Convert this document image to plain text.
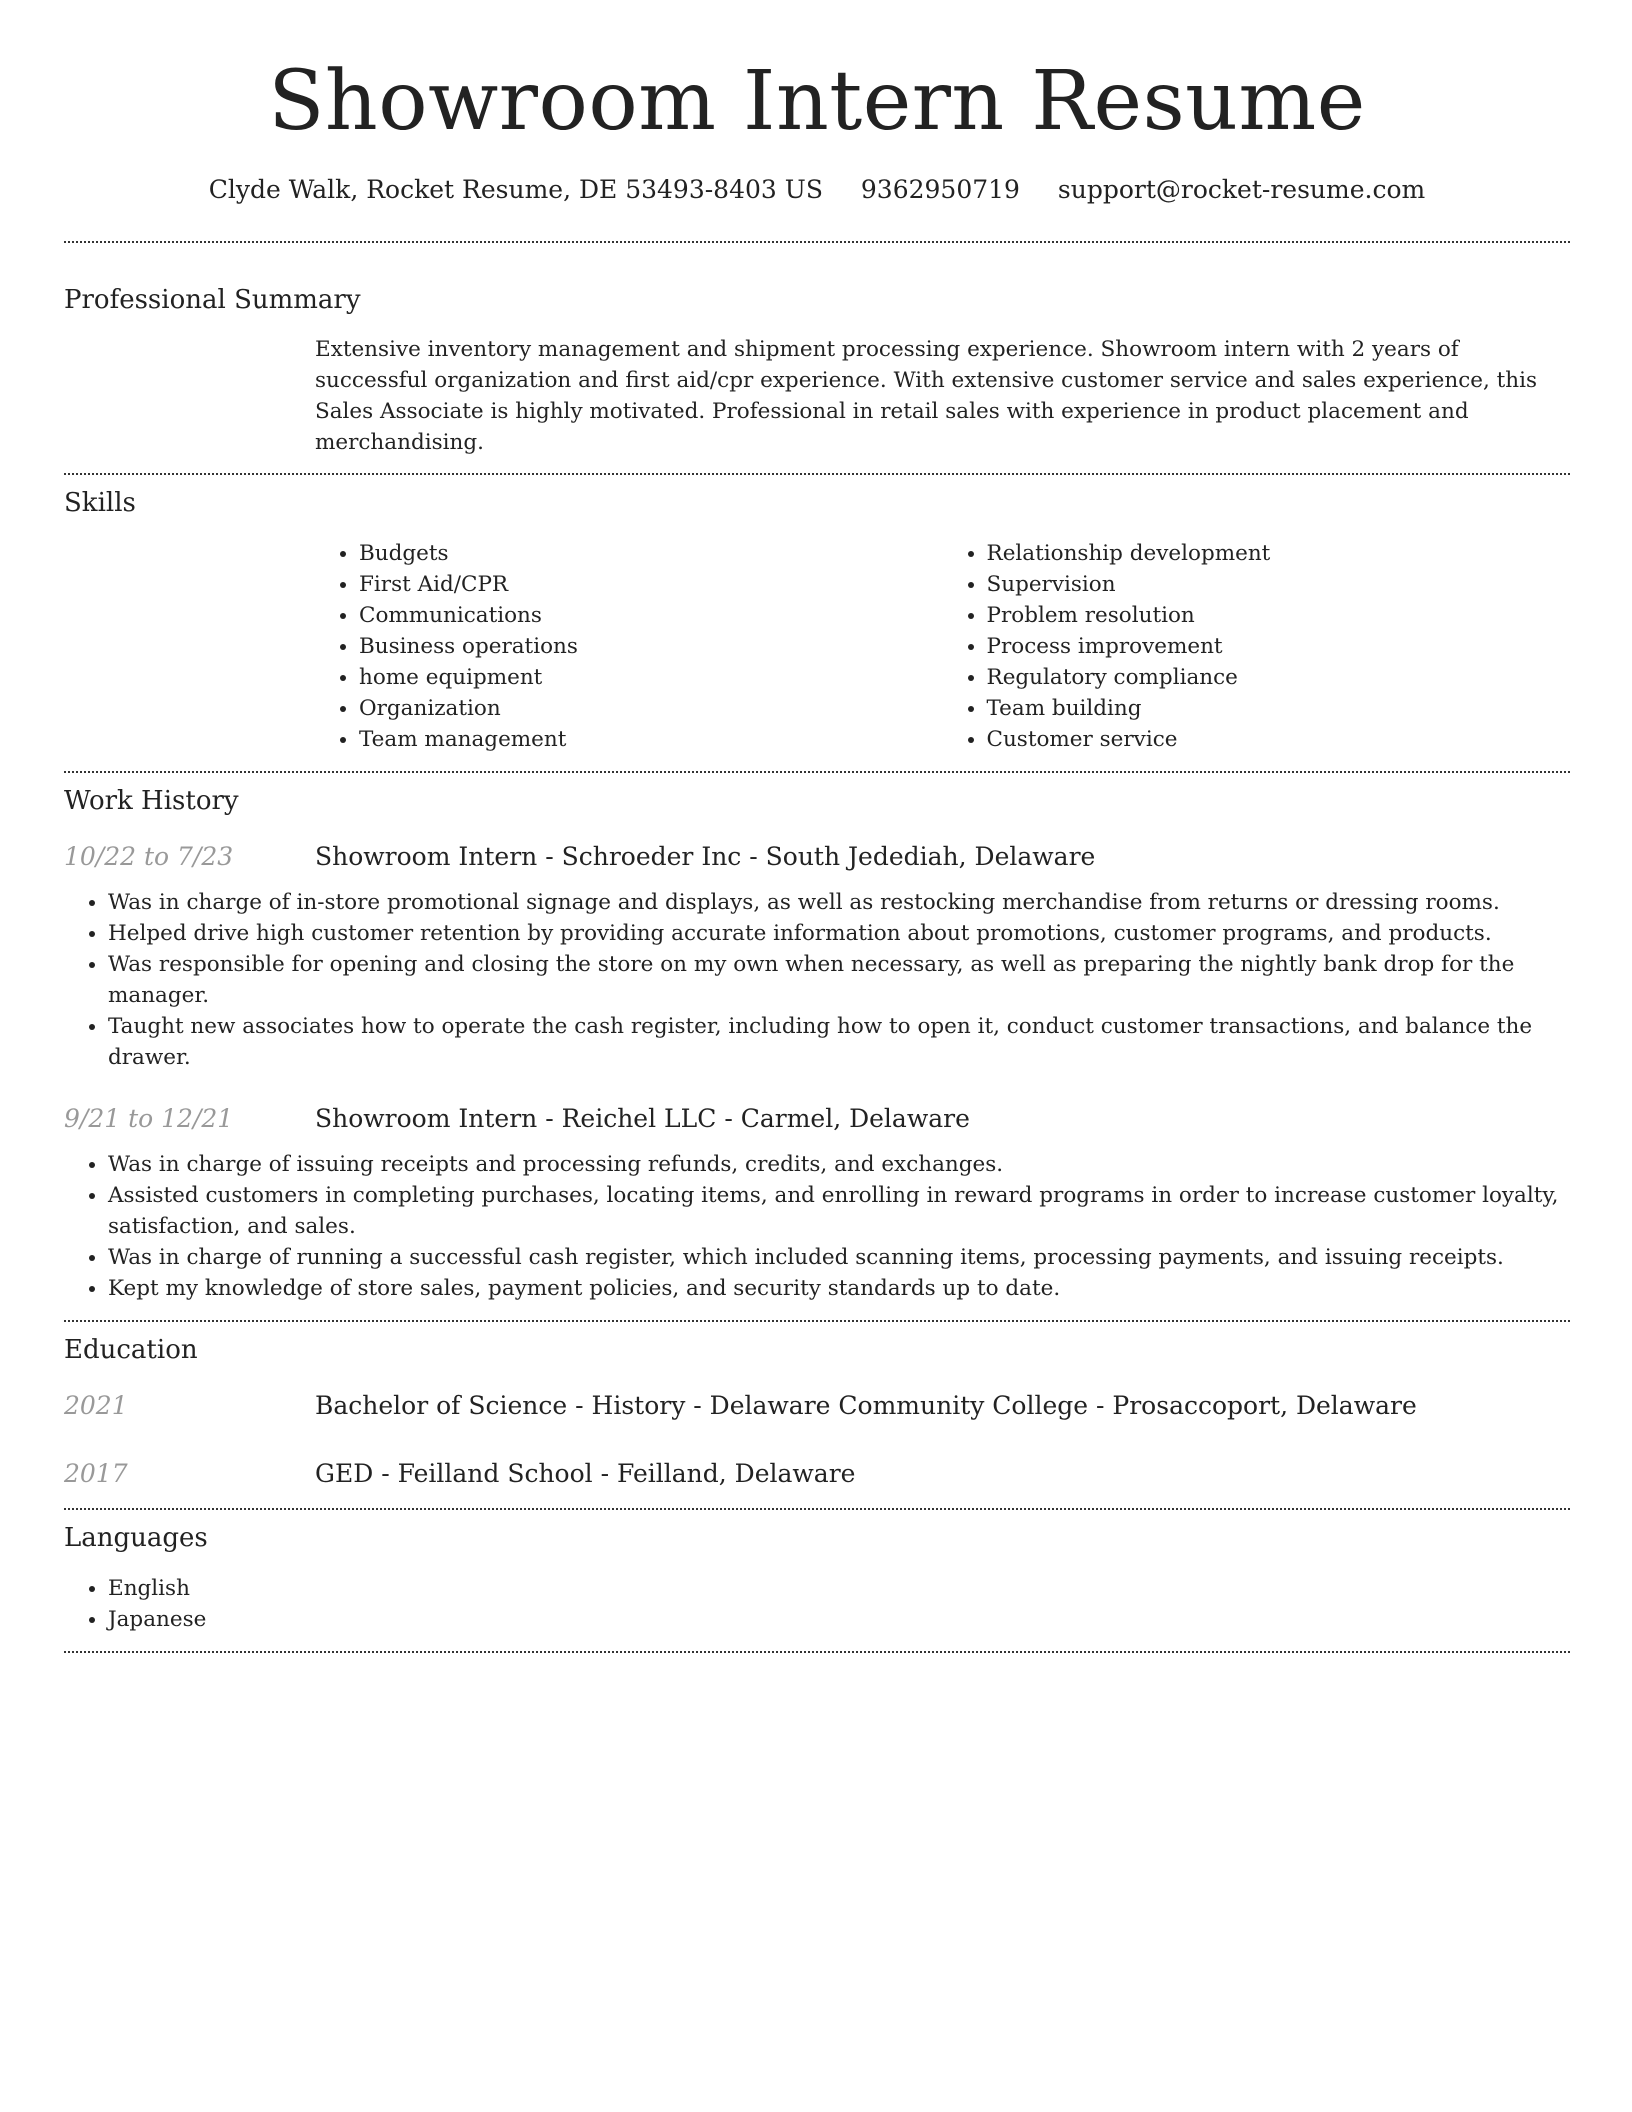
Showroom Intern Resume
Clyde Walk, Rocket Resume, DE 53493-8403 US 9362950719 support@rocket-resume.com
Professional Summary
Extensive inventory management and shipment processing experience. Showroom intern with 2 years of successful organization and first aid/cpr experience. With extensive customer service and sales experience, this Sales Associate is highly motivated. Professional in retail sales with experience in product placement and merchandising.
Skills
• Budgets
• First Aid/CPR
• Communications
• Business operations
• home equipment
• Organization
• Team management
• Relationship development
• Supervision
• Problem resolution
• Process improvement
• Regulatory compliance
• Team building
• Customer service
Work History
10/22 to 7/23	Showroom Intern - Schroeder Inc - South Jedediah, Delaware
• Was in charge of in-store promotional signage and displays, as well as restocking merchandise from returns or dressing rooms.
• Helped drive high customer retention by providing accurate information about promotions, customer programs, and products.
• Was responsible for opening and closing the store on my own when necessary, as well as preparing the nightly bank drop for the manager.
• Taught new associates how to operate the cash register, including how to open it, conduct customer transactions, and balance the drawer.
9/21 to 12/21	Showroom Intern - Reichel LLC - Carmel, Delaware
• Was in charge of issuing receipts and processing refunds, credits, and exchanges.
• Assisted customers in completing purchases, locating items, and enrolling in reward programs in order to increase customer loyalty, satisfaction, and sales.
• Was in charge of running a successful cash register, which included scanning items, processing payments, and issuing receipts.
• Kept my knowledge of store sales, payment policies, and security standards up to date.
Education
2021	Bachelor of Science - History - Delaware Community College - Prosaccoport, Delaware
2017	GED - Feilland School - Feilland, Delaware
Languages
• English
• Japanese
